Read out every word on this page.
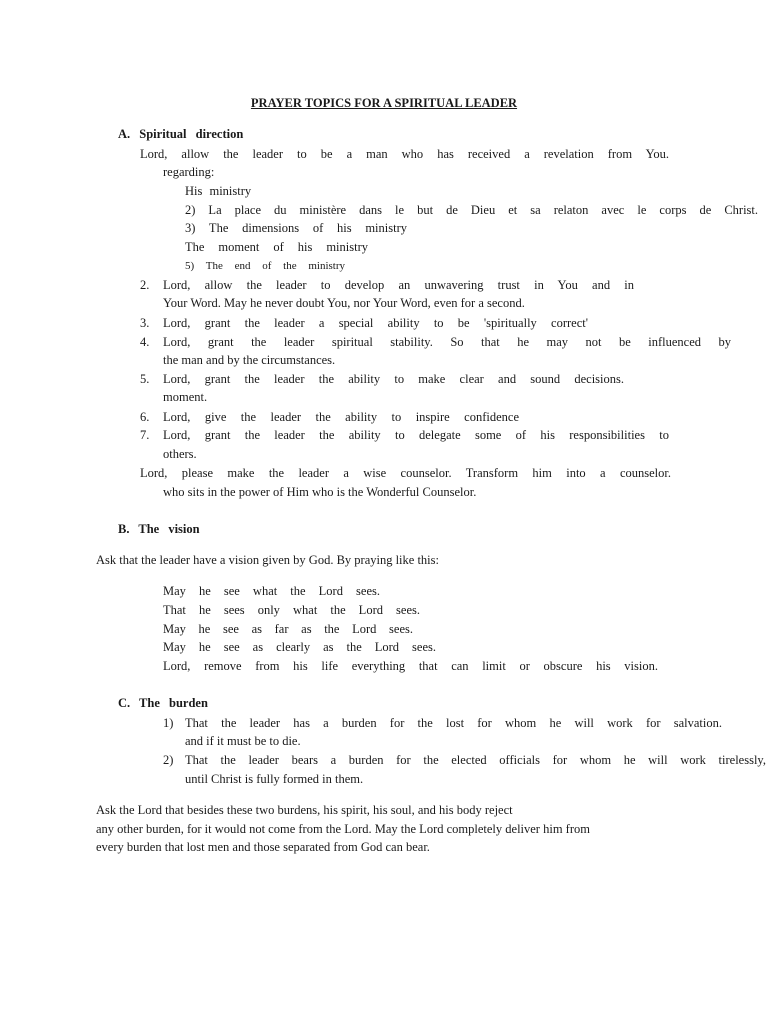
PRAYER TOPICS FOR A SPIRITUAL LEADER
A. Spiritual direction
Lord, allow the leader to be a man who has received a revelation from You.
regarding:
His ministry
2) La place du ministère dans le but de Dieu et sa relaton avec le corps de Christ.
3) The dimensions of his ministry
The moment of his ministry
5) The end of the ministry
2. Lord, allow the leader to develop an unwavering trust in You and in
Your Word. May he never doubt You, nor Your Word, even for a second.
3. Lord, grant the leader a special ability to be 'spiritually correct'
4. Lord, grant the leader spiritual stability. So that he may not be influenced by
the man and by the circumstances.
5. Lord, grant the leader the ability to make clear and sound decisions.
moment.
6. Lord, give the leader the ability to inspire confidence
7. Lord, grant the leader the ability to delegate some of his responsibilities to
others.
Lord, please make the leader a wise counselor. Transform him into a counselor.
who sits in the power of Him who is the Wonderful Counselor.
B. The vision
Ask that the leader have a vision given by God. By praying like this:
May he see what the Lord sees.
That he sees only what the Lord sees.
May he see as far as the Lord sees.
May he see as clearly as the Lord sees.
Lord, remove from his life everything that can limit or obscure his vision.
C. The burden
1) That the leader has a burden for the lost for whom he will work for salvation.
and if it must be to die.
2) That the leader bears a burden for the elected officials for whom he will work tirelessly,
until Christ is fully formed in them.
Ask the Lord that besides these two burdens, his spirit, his soul, and his body reject
any other burden, for it would not come from the Lord. May the Lord completely deliver him from
every burden that lost men and those separated from God can bear.
